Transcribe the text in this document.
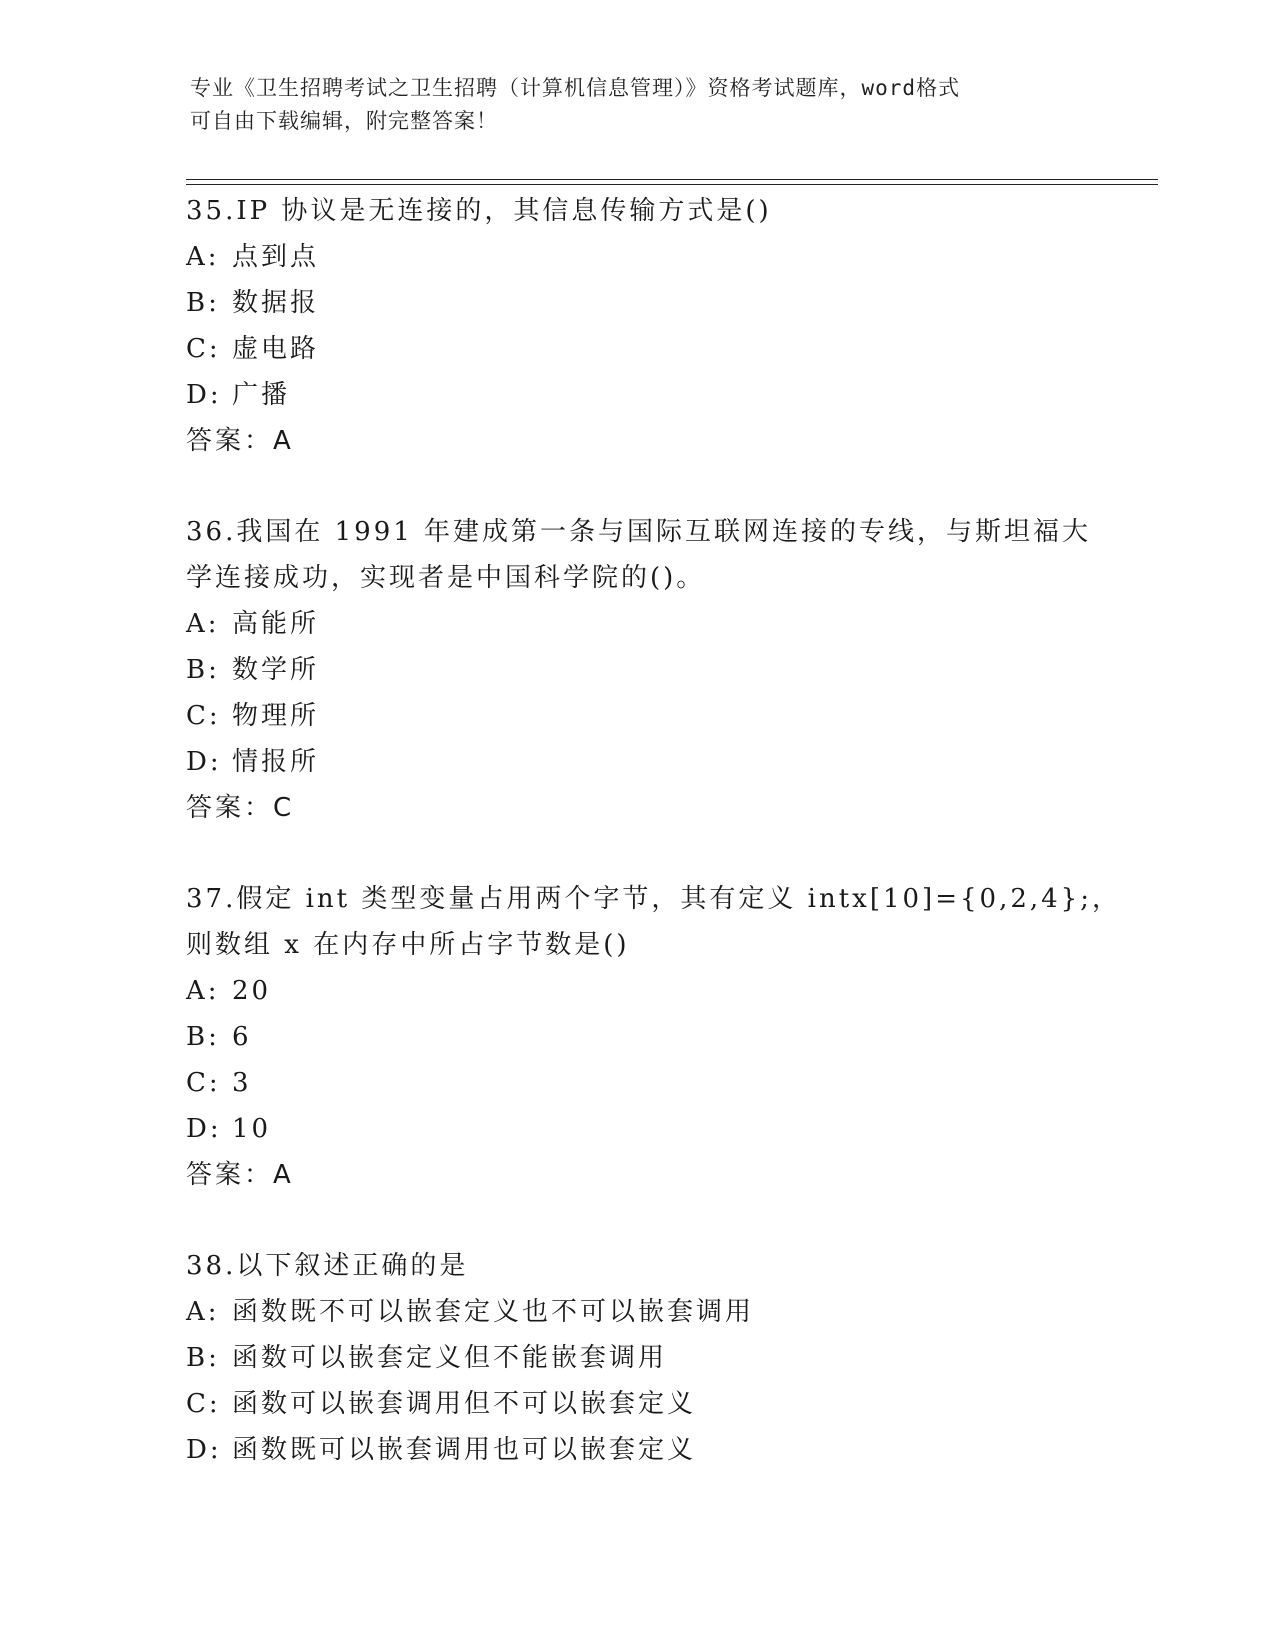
专业《卫生招聘考试之卫生招聘（计算机信息管理）》资格考试题库，word格式
可自由下载编辑，附完整答案！
35.IP 协议是无连接的，其信息传输方式是()
A: 点到点
B: 数据报
C: 虚电路
D: 广播
答案：A
36.我国在 1991 年建成第一条与国际互联网连接的专线，与斯坦福大
学连接成功，实现者是中国科学院的()。
A: 高能所
B: 数学所
C: 物理所
D: 情报所
答案：C
37.假定 int 类型变量占用两个字节，其有定义 intx[10]={0,2,4};，
则数组 x 在内存中所占字节数是()
A: 20
B: 6
C: 3
D: 10
答案：A
38.以下叙述正确的是
A: 函数既不可以嵌套定义也不可以嵌套调用
B: 函数可以嵌套定义但不能嵌套调用
C: 函数可以嵌套调用但不可以嵌套定义
D: 函数既可以嵌套调用也可以嵌套定义
